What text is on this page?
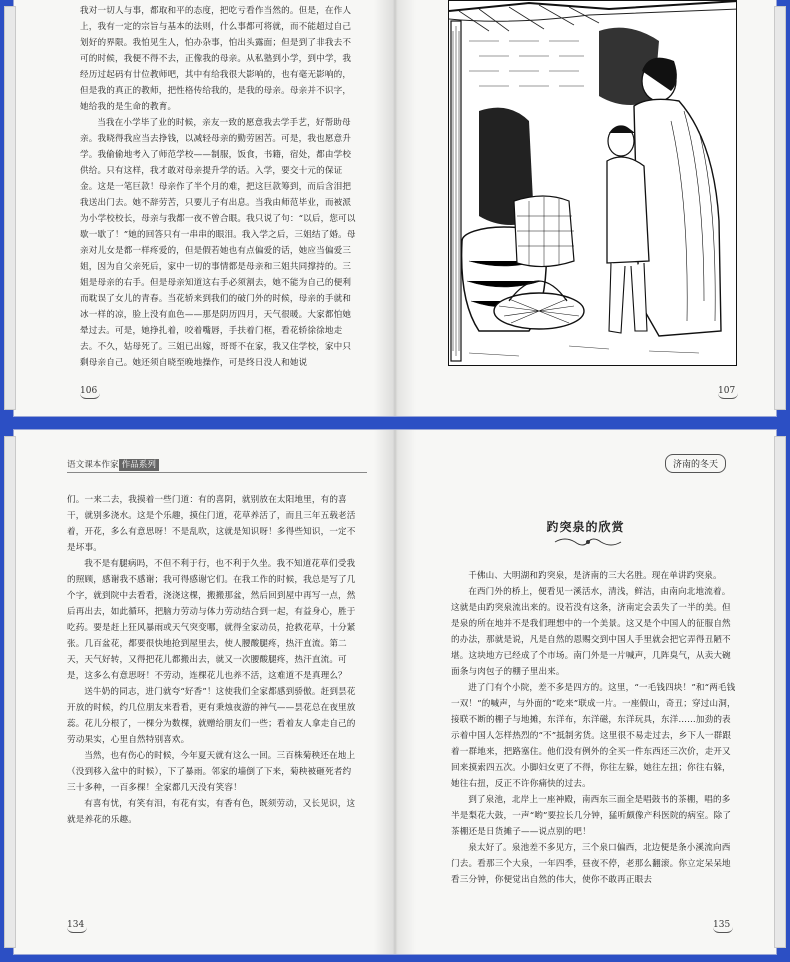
我对一切人与事，都取和平的态度，把吃亏看作当然的。但是，在作人上，我有一定的宗旨与基本的法则，什么事都可将就，而不能超过自己划好的界限。我怕见生人，怕办杂事，怕出头露面；但是到了非我去不可的时候，我便不得不去，正像我的母亲。从私塾到小学，到中学，我经历过起码有廿位教师吧，其中有给我很大影响的，也有毫无影响的，但是我的真正的教师，把性格传给我的，是我的母亲。母亲并不识字，她给我的是生命的教育。

当我在小学毕了业的时候，亲友一致的愿意我去学手艺，好帮助母亲。我晓得我应当去挣钱，以减轻母亲的勤劳困苦。可是，我也愿意升学。我偷偷地考入了师范学校——制服，饭食，书籍，宿处，都由学校供给。只有这样，我才敢对母亲提升学的话。入学，要交十元的保证金。这是一笔巨款！母亲作了半个月的难，把这巨款筹到，而后含泪把我送出门去。她不辞劳苦，只要儿子有出息。当我由师范毕业，而被派为小学校校长，母亲与我都一夜不曾合眼。我只说了句：“以后，您可以歇一歇了！”她的回答只有一串串的眼泪。我入学之后，三姐结了婚。母亲对儿女是都一样疼爱的，但是假若她也有点偏爱的话，她应当偏爱三姐，因为自父亲死后，家中一切的事情都是母亲和三姐共同撑持的。三姐是母亲的右手。但是母亲知道这右手必须割去，她不能为自己的便利而耽误了女儿的青春。当花轿来到我们的破门外的时候，母亲的手就和冰一样的凉，脸上没有血色——那是阴历四月，天气很暖。大家都怕她晕过去。可是，她挣扎着，咬着嘴唇，手扶着门框，看花轿徐徐地走去。不久，姑母死了。三姐已出嫁，哥哥不在家，我又住学校，家中只剩母亲自己。她还须自晓至晚地操作，可是终日没人和她说

106	107
语文课本作家 作品系列

们。一来二去，我摸着一些门道：有的喜阴，就别放在太阳地里，有的喜干，就别多浇水。这是个乐趣，摸住门道，花草养活了，而且三年五载老活着，开花，多么有意思呀！不是乱吹，这就是知识呀！多得些知识，一定不是坏事。

我不是有腿病吗，不但不利于行，也不利于久坐。我不知道花草们受我的照顾，感谢我不感谢；我可得感谢它们。在我工作的时候，我总是写了几个字，就到院中去看看，浇浇这棵，搬搬那盆，然后回到屋中再写一点，然后再出去，如此循环，把脑力劳动与体力劳动结合到一起，有益身心，胜于吃药。要是赶上狂风暴雨或天气突变哪，就得全家动员，抢救花草，十分紧张。几百盆花，都要很快地抢到屋里去，使人腰酸腿疼，热汗直流。第二天，天气好转，又得把花儿都搬出去，就又一次腰酸腿疼，热汗直流。可是，这多么有意思呀！不劳动，连棵花儿也养不活，这难道不是真理么？

送牛奶的同志，进门就夸“好香”！这使我们全家都感到骄傲。赶到昙花开放的时候，约几位朋友来看看，更有秉烛夜游的神气——昙花总在夜里放蕊。花儿分根了，一棵分为数棵，就赠给朋友们一些；看着友人拿走自己的劳动果实，心里自然特别喜欢。

当然，也有伤心的时候，今年夏天就有这么一回。三百株菊秧还在地上（没到移入盆中的时候），下了暴雨。邻家的墙倒了下来，菊秧被砸死者约三十多种，一百多棵！全家都几天没有笑容！

有喜有忧，有笑有泪，有花有实，有香有色，既须劳动，又长见识，这就是养花的乐趣。

134
济南的冬天
趵突泉的欣赏

千佛山、大明湖和趵突泉，是济南的三大名胜。现在单讲趵突泉。

在西门外的桥上，便看见一溪活水，清浅，鲜洁，由南向北地流着。这就是由趵突泉流出来的。设若没有这条，济南定会丢失了一半的美。但是泉的所在地并不是我们理想中的一个美景。这又是个中国人的征服自然的办法，那就是说，凡是自然的恩赐交到中国人手里就会把它弄得丑陋不堪。这块地方已经成了个市场。南门外是一片喊声，几阵臭气，从卖大碗面条与肉包子的棚子里出来。

进了门有个小院，差不多是四方的。这里，“一毛钱四块！”和“两毛钱一双！”的喊声，与外面的“吃来”联成一片。一座假山，奇丑；穿过山洞，接联不断的棚子与地摊，东洋布，东洋磁，东洋玩具，东洋……加劲的表示着中国人怎样热烈的“不”抵制劣货。这里很不易走过去，乡下人一群跟着一群地来，把路塞住。他们没有例外的全买一件东西还三次价，走开又回来摸索四五次。小脚妇女更了不得，你往左躲，她往左扭；你往右躲，她往右扭，反正不许你痛快的过去。

到了泉池，北岸上一座神殿，南西东三面全是唱鼓书的茶棚，唱的多半是梨花大鼓，一声“哟”要拉长几分钟，猛听颇像产科医院的病室。除了茶棚还是日货摊子——说点别的吧！

泉太好了。泉池差不多见方，三个泉口偏西，北边便是条小溪流向西门去。看那三个大泉，一年四季，昼夜不停，老那么翻滚。你立定呆呆地看三分钟，你便觉出自然的伟大，使你不敢再正眼去

135
